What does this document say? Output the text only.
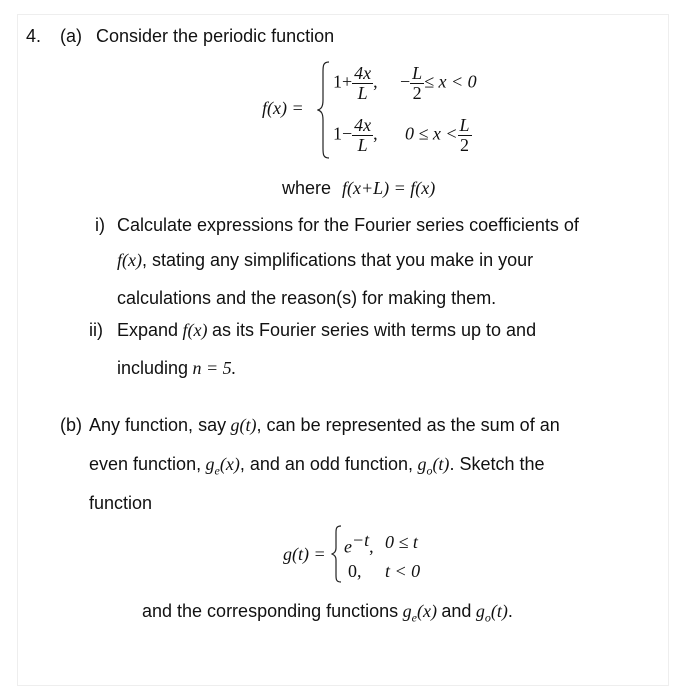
4. (a) Consider the periodic function
f(x) =
$1+ \frac{4x}{L}$ , − $\frac{L}{2} \le x < 0$
$1- \frac{4x}{L}$ , $0 \le x < \frac{L}{2}$
where f(x+L) = f(x)
i) Calculate expressions for the Fourier series coefficients of
f(x), stating any simplifications that you make in your
calculations and the reason(s) for making them.
ii) Expand f(x) as its Fourier series with terms up to and
including n = 5.
(b) Any function, say g(t), can be represented as the sum of an
even function, $g_e(x)$, and an odd function, $g_o(t)$. Sketch the
function
$g(t) = e^{-t}$, 0 ≤ t
0, t < 0
and the corresponding functions $g_e(x)$ and $g_o(t)$.
